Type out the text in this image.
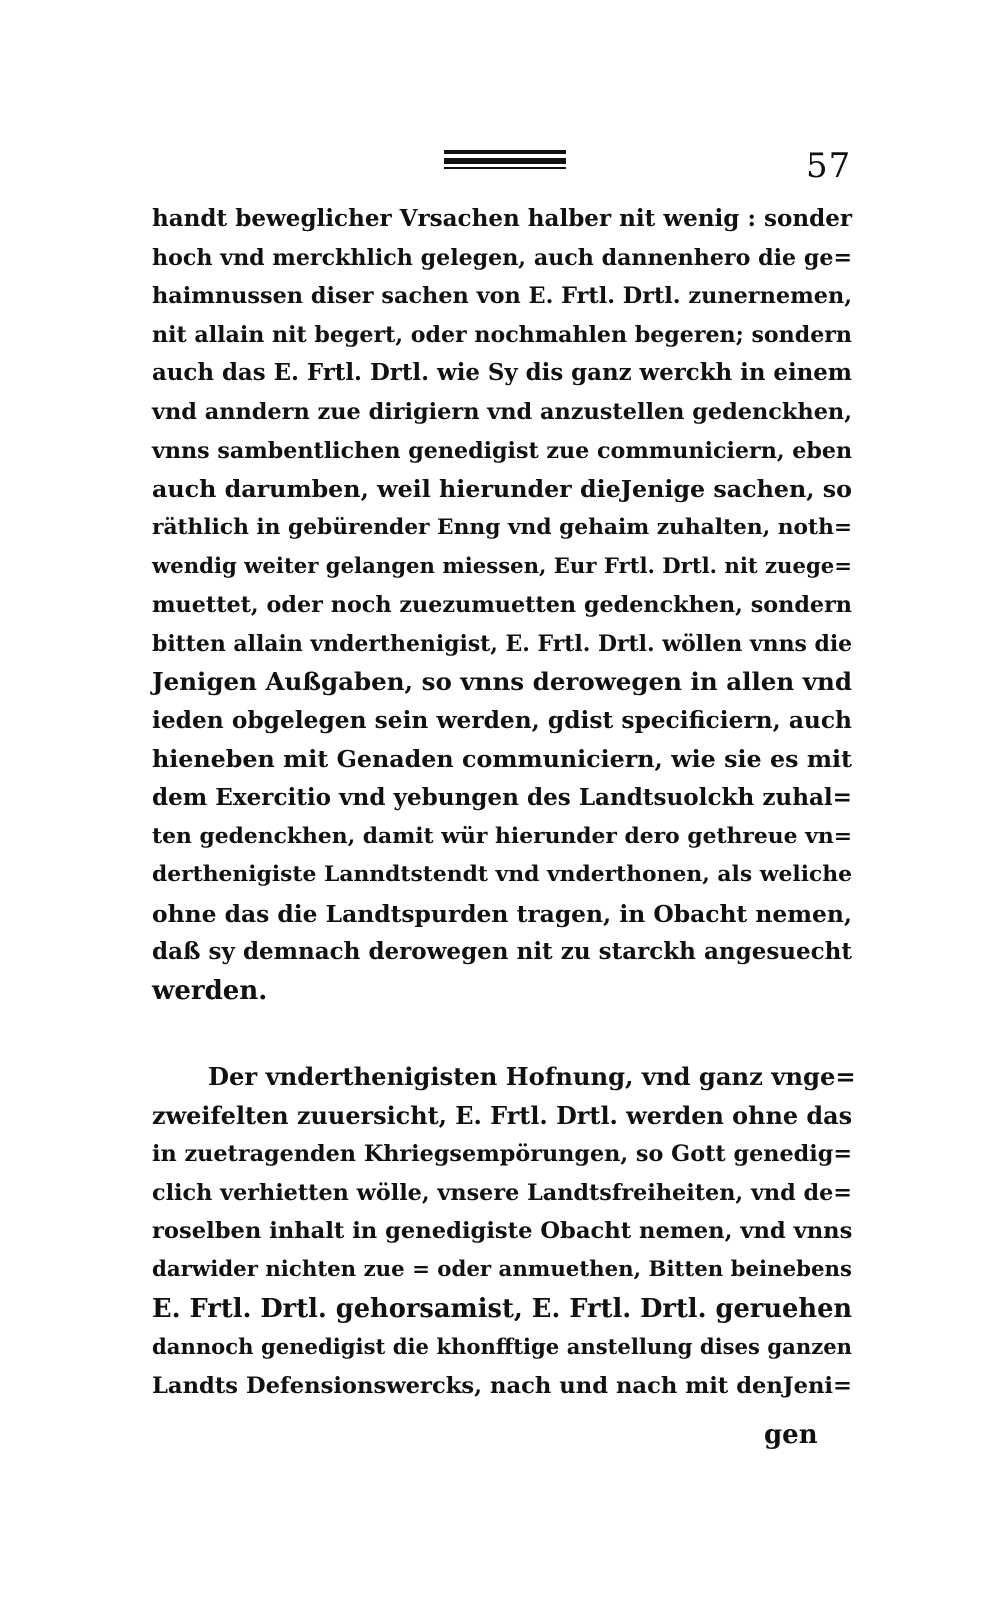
57
handt beweglicher Vrsachen halber nit wenig : sonder
hoch vnd merckhlich gelegen, auch dannenhero die ge=
haimnussen diser sachen von E. Frtl. Drtl. zunernemen,
nit allain nit begert, oder nochmahlen begeren; sondern
auch das E. Frtl. Drtl. wie Sy dis ganz werckh in einem
vnd anndern zue dirigiern vnd anzustellen gedenckhen,
vnns sambentlichen genedigist zue communiciern, eben
auch darumben, weil hierunder dieJenige sachen, so
räthlich in gebürender Enng vnd gehaim zuhalten, noth=
wendig weiter gelangen miessen, Eur Frtl. Drtl. nit zuege=
muettet, oder noch zuezumuetten gedenckhen, sondern
bitten allain vnderthenigist, E. Frtl. Drtl. wöllen vnns die
Jenigen Außgaben, so vnns derowegen in allen vnd
ieden obgelegen sein werden, gdist specificiern, auch
hieneben mit Genaden communiciern, wie sie es mit
dem Exercitio vnd yebungen des Landtsuolckh zuhal=
ten gedenckhen, damit wür hierunder dero gethreue vn=
derthenigiste Lanndtstendt vnd vnderthonen, als weliche
ohne das die Landtspurden tragen, in Obacht nemen,
daß sy demnach derowegen nit zu starckh angesuecht
werden.
Der vnderthenigisten Hofnung, vnd ganz vnge=
zweifelten zuuersicht, E. Frtl. Drtl. werden ohne das
in zuetragenden Khriegsempörungen, so Gott genedig=
clich verhietten wölle, vnsere Landtsfreiheiten, vnd de=
roselben inhalt in genedigiste Obacht nemen, vnd vnns
darwider nichten zue = oder anmuethen, Bitten beinebens
E. Frtl. Drtl. gehorsamist, E. Frtl. Drtl. geruehen
dannoch genedigist die khonfftige anstellung dises ganzen
Landts Defensionswercks, nach und nach mit denJeni=
gen
